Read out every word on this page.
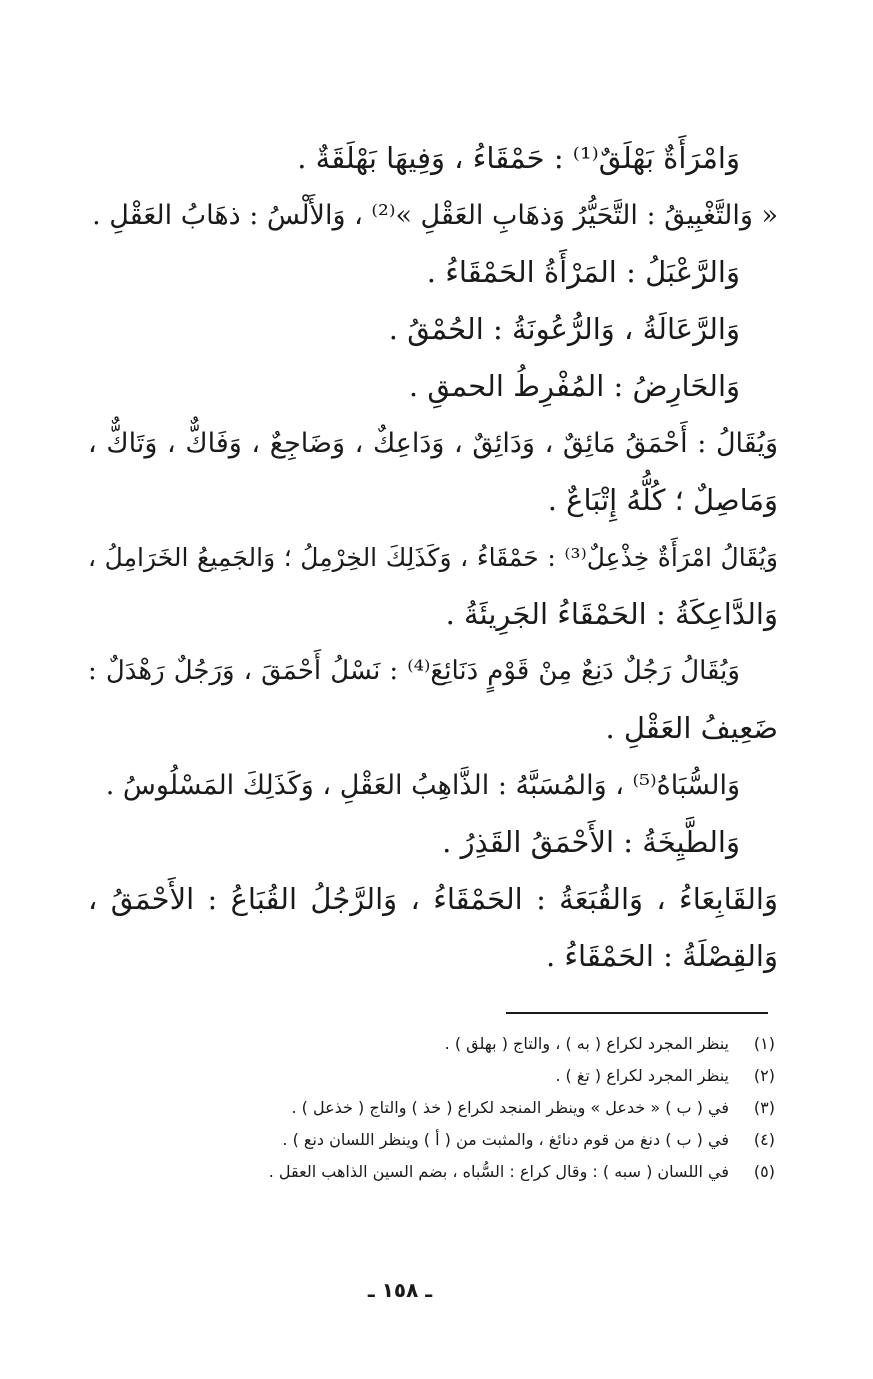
وَامْرَأَةٌ بَهْلَقٌ⁽¹⁾ : حَمْقَاءُ ، وَفِيهَا بَهْلَقَةٌ .
« وَالتَّغْبِيقُ : التَّحَيُّرُ وَذهَابِ العَقْلِ »⁽²⁾ ، وَالأَلْسُ : ذهَابُ العَقْلِ .
وَالرَّعْبَلُ : المَرْأَةُ الحَمْقَاءُ .
وَالرَّعَالَةُ ، وَالرُّعُونَةُ : الحُمْقُ .
وَالحَارِضُ : المُفْرِطُ الحمقِ .
وَيُقَالُ : أَحْمَقُ مَائِقٌ ، وَدَائِقٌ ، وَدَاعِكٌ ، وَضَاجِعٌ ، وَفَاكٌّ ، وَتَاكٌّ ،
وَمَاصِلٌ ؛ كُلُّهُ إِتْبَاعٌ .
وَيُقَالُ امْرَأَةٌ خِذْعِلٌ⁽³⁾ : حَمْقَاءُ ، وَكَذَلِكَ الخِرْمِلُ ؛ وَالجَمِيعُ الخَرَامِلُ ،
وَالدَّاعِكَةُ : الحَمْقَاءُ الجَرِيئَةُ .
وَيُقَالُ رَجُلٌ دَنِعٌ مِنْ قَوْمٍ دَنَائِعَ⁽⁴⁾ : نَسْلُ أَحْمَقَ ، وَرَجُلٌ رَهْدَلٌ :
ضَعِيفُ العَقْلِ .
وَالسُّبَاهُ⁽⁵⁾ ، وَالمُسَبَّهُ : الذَّاهِبُ العَقْلِ ، وَكَذَلِكَ المَسْلُوسُ .
وَالطَّيِخَةُ : الأَحْمَقُ القَذِرُ .
وَالقَابِعَاءُ ، وَالقُبَعَةُ : الحَمْقَاءُ ، وَالرَّجُلُ القُبَاعُ : الأَحْمَقُ ،
وَالقِصْلَةُ : الحَمْقَاءُ .
(١)
ينظر المجرد لكراع ( به ) ، والتاج ( بهلق ) .
(٢)
ينظر المجرد لكراع ( تغ ) .
(٣)
في ( ب ) « خدعل » وينظر المنجد لكراع ( خذ ) والتاج ( خذعل ) .
(٤)
في ( ب ) دنغ من قوم دنائغ ، والمثبت من ( أ ) وينظر اللسان دنع ) .
(٥)
في اللسان ( سبه ) : وقال كراع : السُّباه ، بضم السين الذاهب العقل .
ـ ١٥٨ ـ
